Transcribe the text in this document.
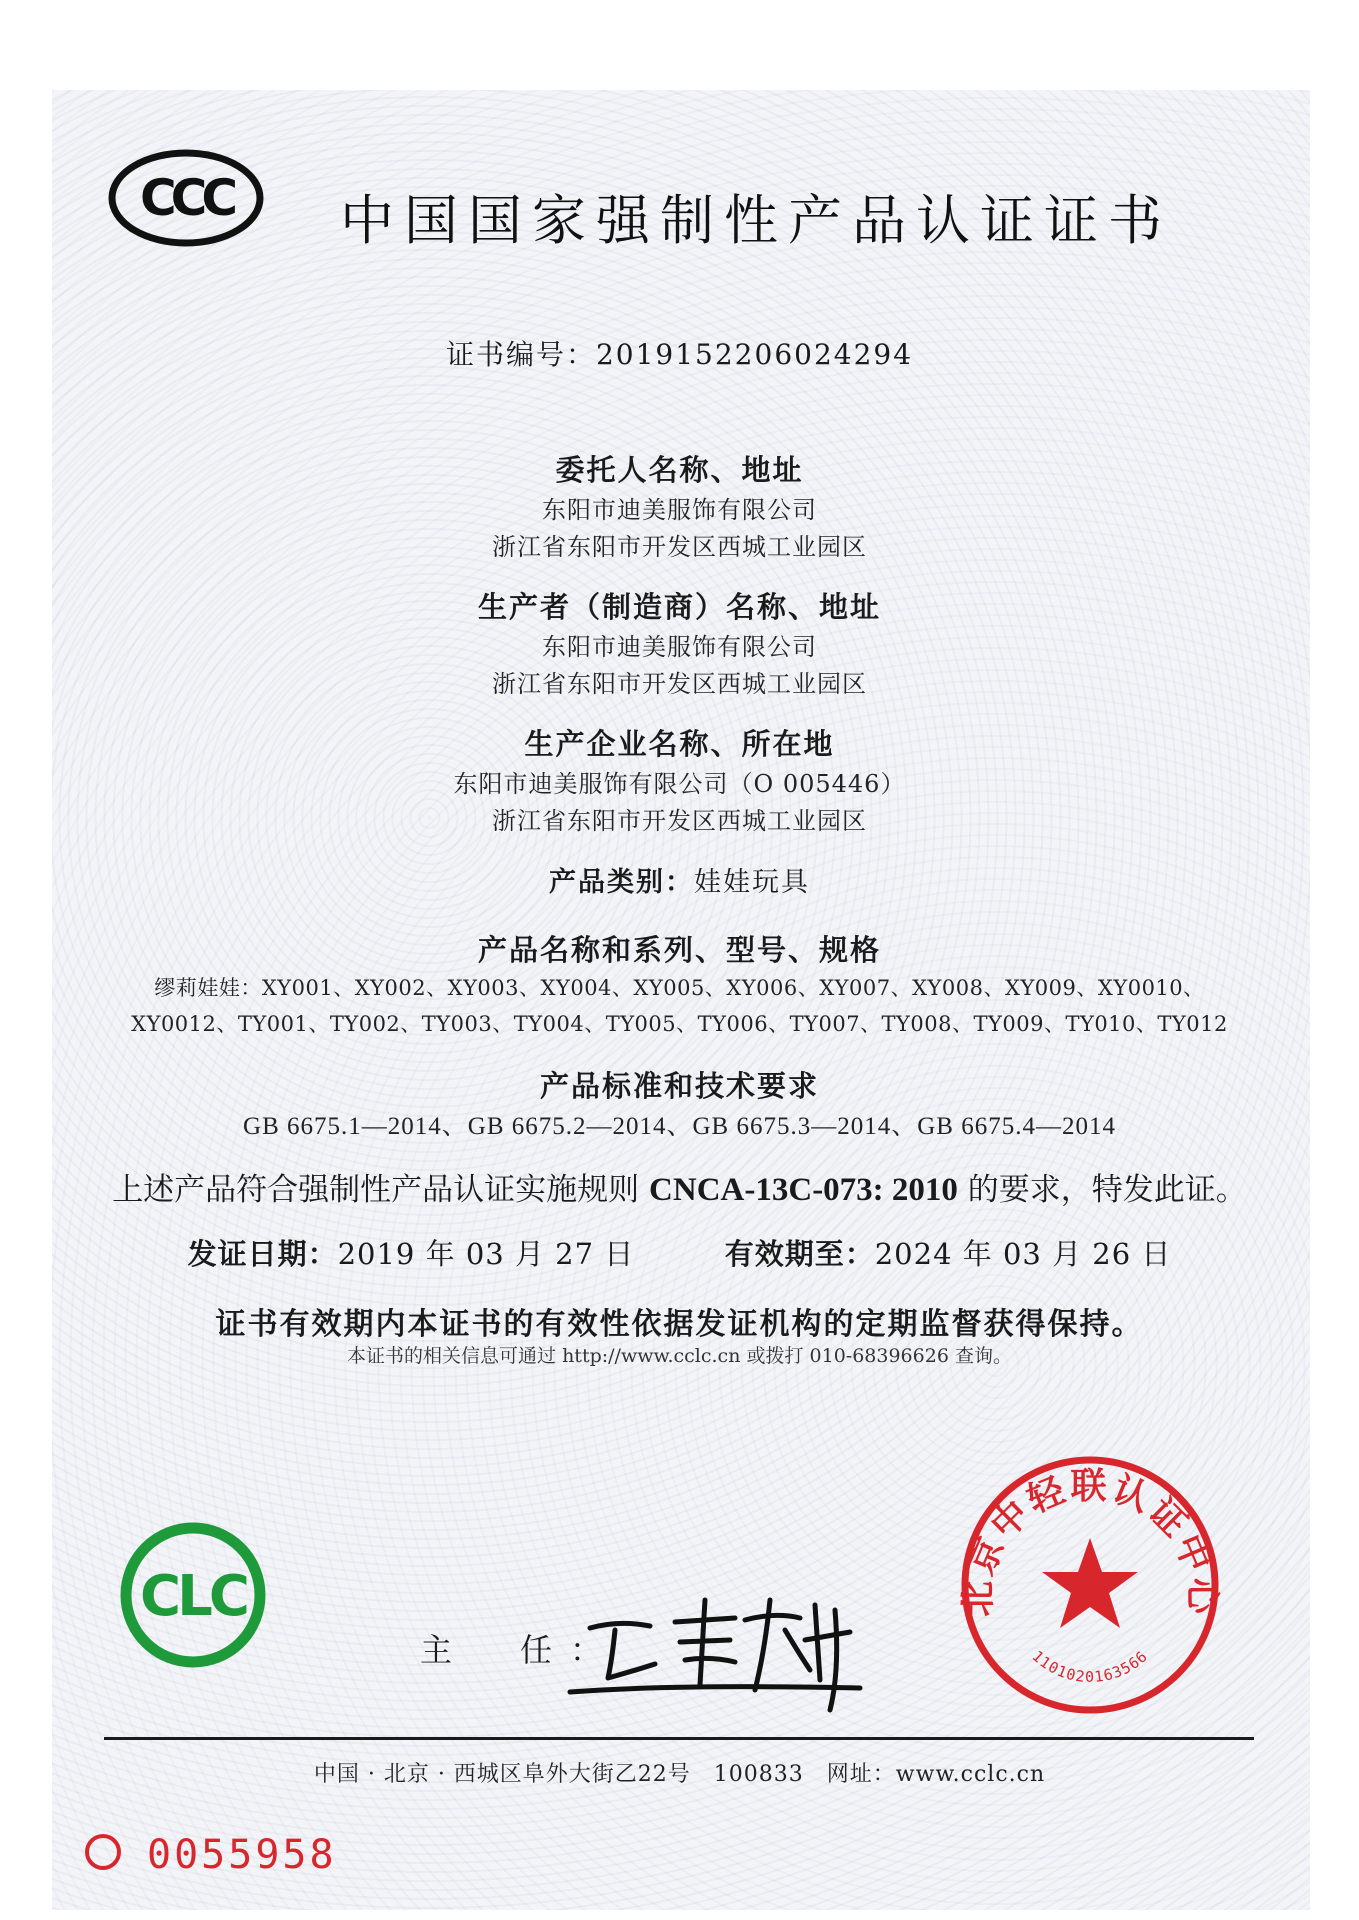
CCC 中国国家强制性产品认证证书
证书编号：2019152206024294
委托人名称、地址
东阳市迪美服饰有限公司
浙江省东阳市开发区西城工业园区
生产者（制造商）名称、地址
东阳市迪美服饰有限公司
浙江省东阳市开发区西城工业园区
生产企业名称、所在地
东阳市迪美服饰有限公司（O 005446）
浙江省东阳市开发区西城工业园区
产品类别：娃娃玩具
产品名称和系列、型号、规格
缪莉娃娃：XY001、XY002、XY003、XY004、XY005、XY006、XY007、XY008、XY009、XY0010、
XY0012、TY001、TY002、TY003、TY004、TY005、TY006、TY007、TY008、TY009、TY010、TY012
产品标准和技术要求
GB 6675.1—2014、GB 6675.2—2014、GB 6675.3—2014、GB 6675.4—2014
上述产品符合强制性产品认证实施规则 CNCA-13C-073: 2010 的要求，特发此证。
发证日期：2019 年 03 月 27 日	有效期至：2024 年 03 月 26 日
证书有效期内本证书的有效性依据发证机构的定期监督获得保持。
本证书的相关信息可通过 http://www.cclc.cn 或拨打 010-68396626 查询。
CLC
主　任：
北京中轻联认证中心
1101020163566
中国 · 北京 · 西城区阜外大街乙22号　100833　网址：www.cclc.cn
0055958
